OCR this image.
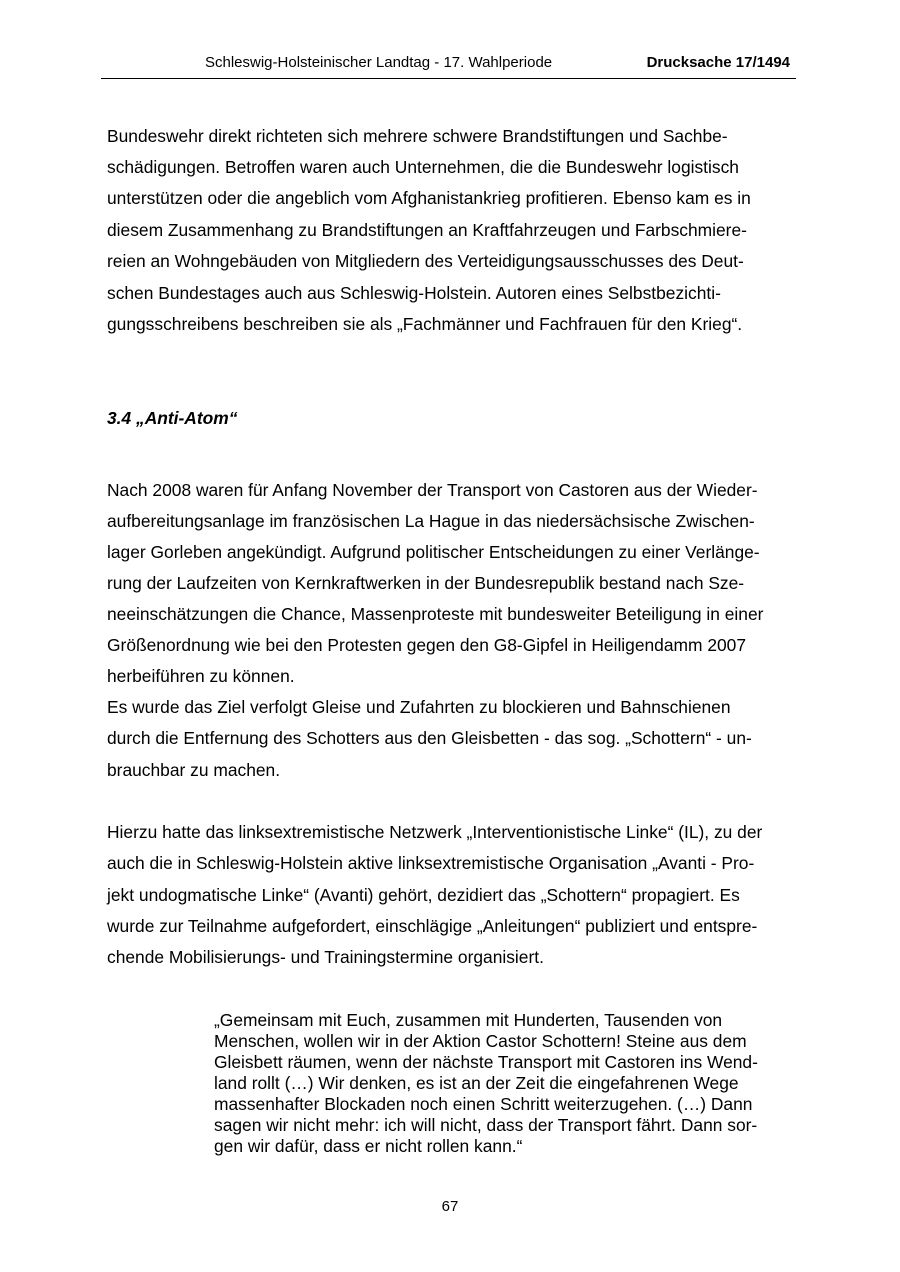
Schleswig-Holsteinischer Landtag - 17. Wahlperiode	Drucksache 17/1494
Bundeswehr direkt richteten sich mehrere schwere Brandstiftungen und Sachbe-
schädigungen. Betroffen waren auch Unternehmen, die die Bundeswehr logistisch
unterstützen oder die angeblich vom Afghanistankrieg profitieren. Ebenso kam es in
diesem Zusammenhang zu Brandstiftungen an Kraftfahrzeugen und Farbschmiere-
reien an Wohngebäuden von Mitgliedern des Verteidigungsausschusses des Deut-
schen Bundestages auch aus Schleswig-Holstein. Autoren eines Selbstbezichti-
gungsschreibens beschreiben sie als „Fachmänner und Fachfrauen für den Krieg“.
3.4 „Anti-Atom“
Nach 2008 waren für Anfang November der Transport von Castoren aus der Wieder-
aufbereitungsanlage im französischen La Hague in das niedersächsische Zwischen-
lager Gorleben angekündigt. Aufgrund politischer Entscheidungen zu einer Verlänge-
rung der Laufzeiten von Kernkraftwerken in der Bundesrepublik bestand nach Sze-
neeinschätzungen die Chance, Massenproteste mit bundesweiter Beteiligung in einer
Größenordnung wie bei den Protesten gegen den G8-Gipfel in Heiligendamm 2007
herbeiführen zu können.
Es wurde das Ziel verfolgt Gleise und Zufahrten zu blockieren und Bahnschienen
durch die Entfernung des Schotters aus den Gleisbetten - das sog. „Schottern“ - un-
brauchbar zu machen.
Hierzu hatte das linksextremistische Netzwerk „Interventionistische Linke“ (IL), zu der
auch die in Schleswig-Holstein aktive linksextremistische Organisation „Avanti - Pro-
jekt undogmatische Linke“ (Avanti) gehört, dezidiert das „Schottern“ propagiert. Es
wurde zur Teilnahme aufgefordert, einschlägige „Anleitungen“ publiziert und entspre-
chende Mobilisierungs- und Trainingstermine organisiert.
„Gemeinsam mit Euch, zusammen mit Hunderten, Tausenden von
Menschen, wollen wir in der Aktion Castor Schottern! Steine aus dem
Gleisbett räumen, wenn der nächste Transport mit Castoren ins Wend-
land rollt (…) Wir denken, es ist an der Zeit die eingefahrenen Wege
massenhafter Blockaden noch einen Schritt weiterzugehen. (…) Dann
sagen wir nicht mehr: ich will nicht, dass der Transport fährt. Dann sor-
gen wir dafür, dass er nicht rollen kann.“
67
